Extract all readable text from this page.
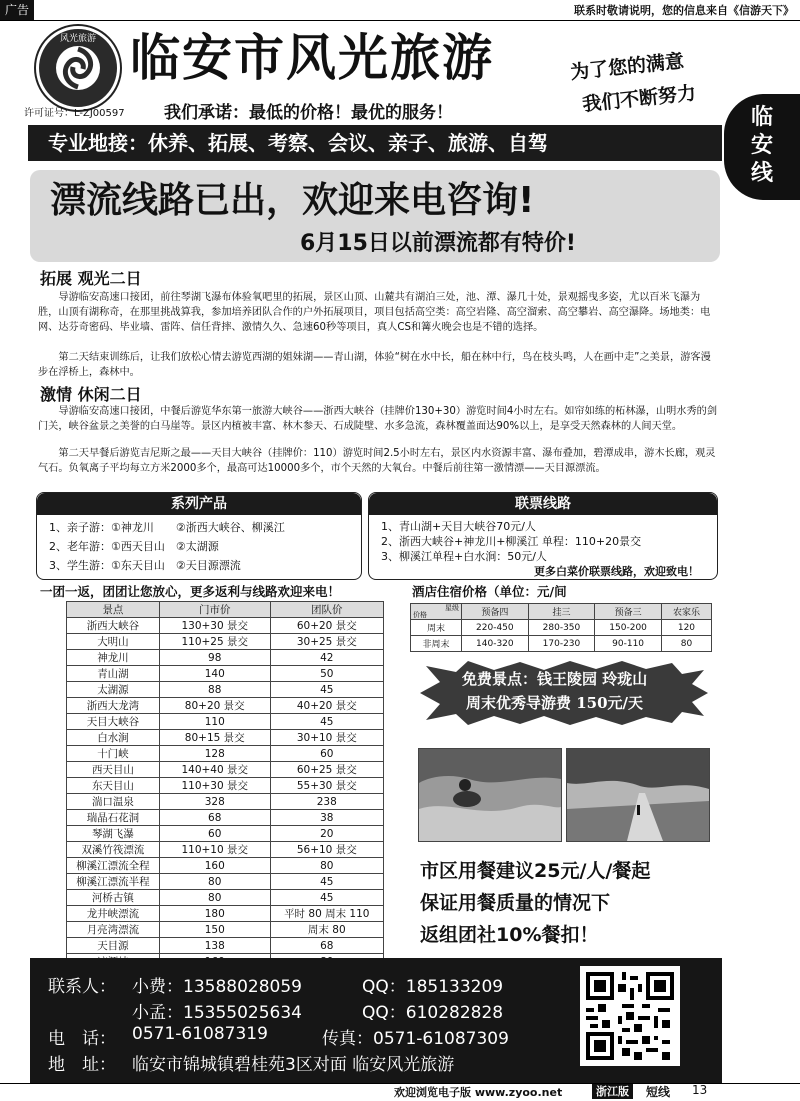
广告	联系时敬请说明，您的信息来自《信游天下》
风光旅游 临安市风光旅游
许可证号：L-ZJ00597 我们承诺：最低的价格！最优的服务！
为了您的满意
我们不断努力
临
安
线
专业地接：休养、拓展、考察、会议、亲子、旅游、自驾
漂流线路已出，欢迎来电咨询!
6月15日以前漂流都有特价!
拓展 观光二日
导游临安高速口接团，前往琴湖飞瀑布体验氧吧里的拓展，景区山顶、山麓共有湖泊三处，池、潭、瀑几十处，景观摇曳多姿，尤以百米飞瀑为胜，山顶有湖称奇，在那里挑战算我，参加培养团队合作的户外拓展项目，项目包括高空类：高空岩隆、高空溜索、高空攀岩、高空瀑降。场地类：电网、达芬奇密码、毕业墙、雷阵、信任背摔、激情久久、急速60秒等项目，真人CS和篝火晚会也是不错的选择。
第二天结束训练后，让我们放松心情去游览西湖的姐妹湖——青山湖，体验“树在水中长，船在林中行，鸟在枝头鸣，人在画中走”之美景，游客漫步在浮桥上，森林中。
激情 休闲二日
导游临安高速口接团，中餐后游览华东第一旅游大峡谷——浙西大峡谷（挂牌价130+30）游览时间4小时左右。如帘如练的柘林瀑，山明水秀的剑门关，峡谷盆景之美誉的白马崖等。景区内植被丰富、林木参天、石成陡壁、水多急流，森林覆盖面达90%以上，是享受天然森林的人间天堂。
第二天早餐后游览吉尼斯之最——天目大峡谷（挂牌价：110）游览时间2.5小时左右，景区内水资源丰富、瀑布叠加，碧潭成串，游木长廊，观灵气石。负氧离子平均每立方米2000多个，最高可达10000多个，市个天然的大氧台。中餐后前往第一激情漂——天目源漂流。
系列产品
1、亲子游：①神龙川　　②浙西大峡谷、柳溪江
2、老年游：①西天目山　②太湖源
3、学生游：①东天目山　②天目源漂流
联票线路
1、青山湖+天目大峡谷70元/人
2、浙西大峡谷+神龙川+柳溪江 单程：110+20景交
3、柳溪江单程+白水涧：50元/人
更多白菜价联票线路，欢迎致电！
一团一返，团团让您放心，更多返利与线路欢迎来电！
景点	门市价	团队价
浙西大峡谷	130+30 景交	60+20 景交
大明山	110+25 景交	30+25 景交
神龙川	98	42
青山湖	140	50
太湖源	88	45
浙西大龙湾	80+20 景交	40+20 景交
天目大峡谷	110	45
白水涧	80+15 景交	30+10 景交
十门峡	128	60
西天目山	140+40 景交	60+25 景交
东天目山	110+30 景交	55+30 景交
湍口温泉	328	238
瑞晶石花洞	68	38
琴湖飞瀑	60	20
双溪竹筏漂流	110+10 景交	56+10 景交
柳溪江漂流全程	160	80
柳溪江漂流半程	80	45
河桥古镇	80	45
龙井峡漂流	180	平时 80 周末 110
月亮湾漂流	150	周末 80
天目源	138	68

酒店住宿价格（单位：元/间
星级
价格	预备四	挂三	预备三	农家乐
周末	220-450	280-350	150-200	120
非周末	140-320	170-230	90-110	80
免费景点：钱王陵园 玲珑山
周末优秀导游费 150元/天
市区用餐建议25元/人/餐起
保证用餐质量的情况下
返组团社10%餐扣！
联系人： 小费：13588028059	QQ：185133209
小孟：15355025634	QQ：610282828
电　话： 0571-61087319	传真：0571-61087309
地　址： 临安市锦城镇碧桂苑3区对面 临安风光旅游
欢迎浏览电子版 www.zyoo.net	浙江版	短线 13
